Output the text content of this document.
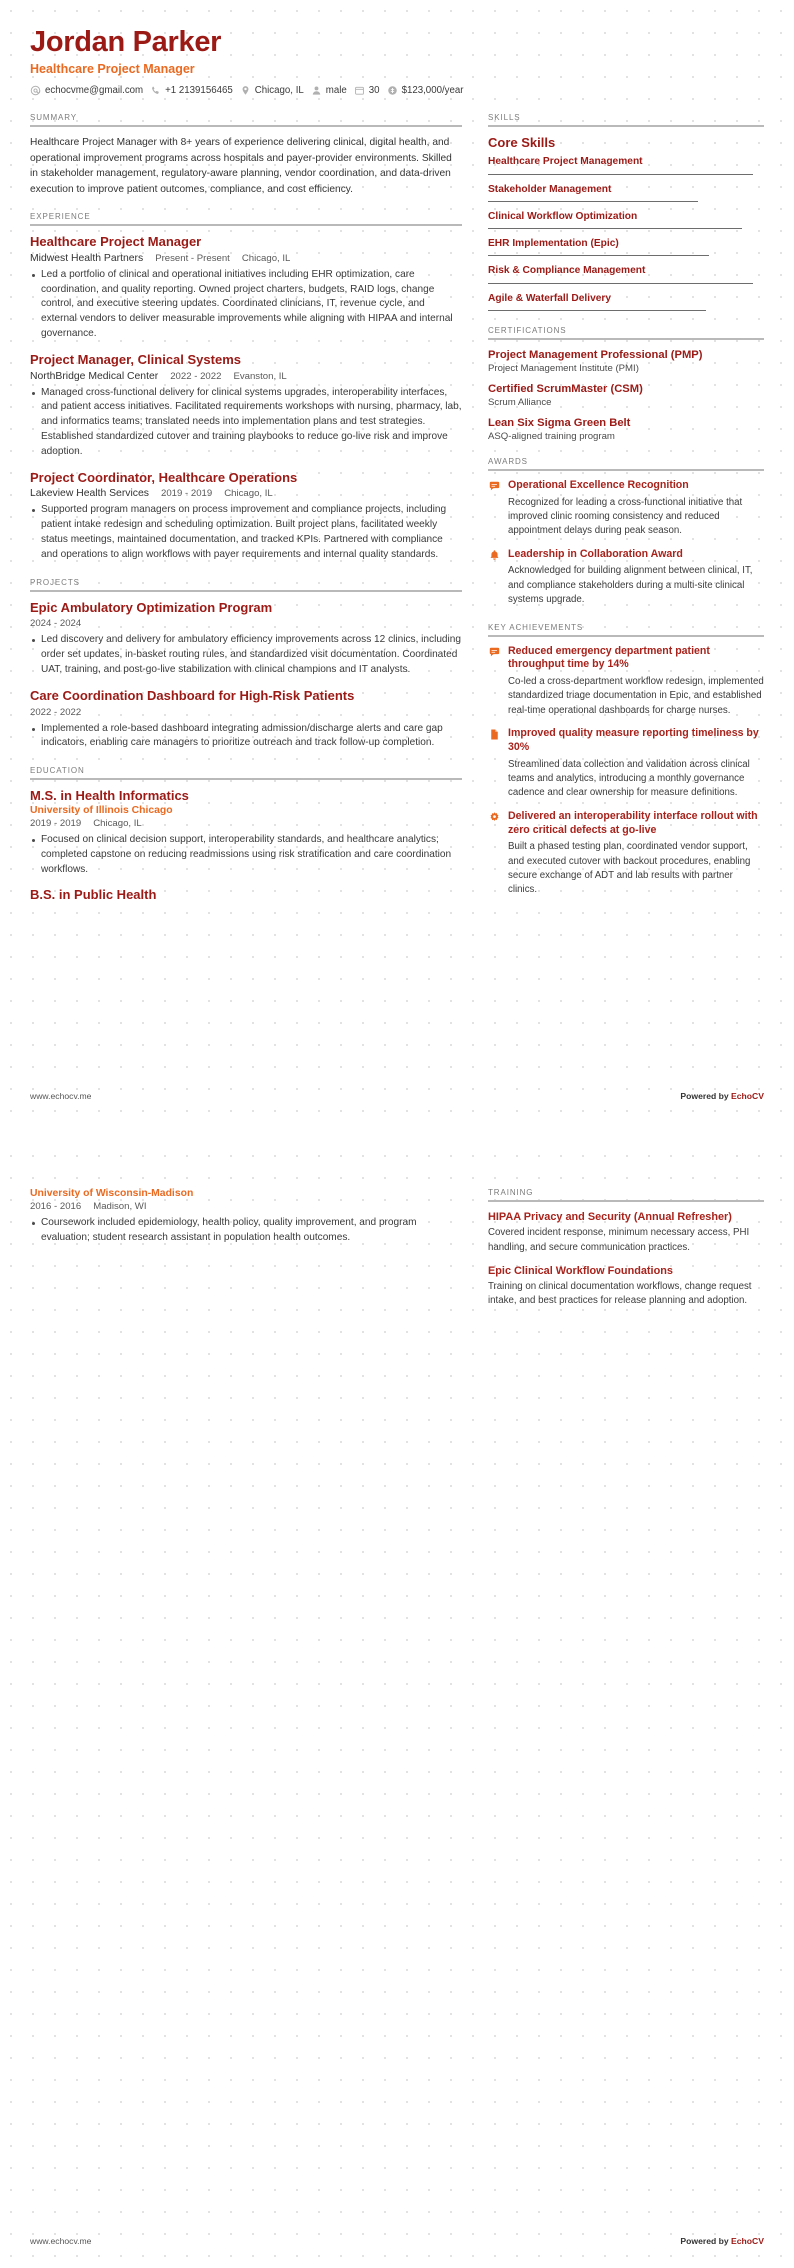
Jordan Parker
Healthcare Project Manager
echocvme@gmail.com +1 2139156465 Chicago, IL male 30 $123,000/year
SUMMARY
Healthcare Project Manager with 8+ years of experience delivering clinical, digital health, and operational improvement programs across hospitals and payer-provider environments. Skilled in stakeholder management, regulatory-aware planning, vendor coordination, and data-driven execution to improve patient outcomes, compliance, and cost efficiency.
EXPERIENCE
Healthcare Project Manager
Midwest Health Partners Present - Present Chicago, IL
Led a portfolio of clinical and operational initiatives including EHR optimization, care coordination, and quality reporting. Owned project charters, budgets, RAID logs, change control, and executive steering updates. Coordinated clinicians, IT, revenue cycle, and external vendors to deliver measurable improvements while aligning with HIPAA and internal governance.
Project Manager, Clinical Systems
NorthBridge Medical Center 2022 - 2022 Evanston, IL
Managed cross-functional delivery for clinical systems upgrades, interoperability interfaces, and patient access initiatives. Facilitated requirements workshops with nursing, pharmacy, lab, and informatics teams; translated needs into implementation plans and test strategies. Established standardized cutover and training playbooks to reduce go-live risk and improve adoption.
Project Coordinator, Healthcare Operations
Lakeview Health Services 2019 - 2019 Chicago, IL
Supported program managers on process improvement and compliance projects, including patient intake redesign and scheduling optimization. Built project plans, facilitated weekly status meetings, maintained documentation, and tracked KPIs. Partnered with compliance and operations to align workflows with payer requirements and internal quality standards.
PROJECTS
Epic Ambulatory Optimization Program
2024 - 2024
Led discovery and delivery for ambulatory efficiency improvements across 12 clinics, including order set updates, in-basket routing rules, and standardized visit documentation. Coordinated UAT, training, and post-go-live stabilization with clinical champions and IT analysts.
Care Coordination Dashboard for High-Risk Patients
2022 - 2022
Implemented a role-based dashboard integrating admission/discharge alerts and care gap indicators, enabling care managers to prioritize outreach and track follow-up completion.
EDUCATION
M.S. in Health Informatics
University of Illinois Chicago
2019 - 2019 Chicago, IL
Focused on clinical decision support, interoperability standards, and healthcare analytics; completed capstone on reducing readmissions using risk stratification and care coordination workflows.
B.S. in Public Health
SKILLS
Core Skills
Healthcare Project Management
Stakeholder Management
Clinical Workflow Optimization
EHR Implementation (Epic)
Risk & Compliance Management
Agile & Waterfall Delivery
CERTIFICATIONS
Project Management Professional (PMP)
Project Management Institute (PMI)
Certified ScrumMaster (CSM)
Scrum Alliance
Lean Six Sigma Green Belt
ASQ-aligned training program
AWARDS
Operational Excellence Recognition
Recognized for leading a cross-functional initiative that improved clinic rooming consistency and reduced appointment delays during peak season.
Leadership in Collaboration Award
Acknowledged for building alignment between clinical, IT, and compliance stakeholders during a multi-site clinical systems upgrade.
KEY ACHIEVEMENTS
Reduced emergency department patient throughput time by 14%
Co-led a cross-department workflow redesign, implemented standardized triage documentation in Epic, and established real-time operational dashboards for charge nurses.
Improved quality measure reporting timeliness by 30%
Streamlined data collection and validation across clinical teams and analytics, introducing a monthly governance cadence and clear ownership for measure definitions.
Delivered an interoperability interface rollout with zero critical defects at go-live
Built a phased testing plan, coordinated vendor support, and executed cutover with backout procedures, enabling secure exchange of ADT and lab results with partner clinics.
www.echocv.me	Powered by EchoCV
University of Wisconsin-Madison
2016 - 2016 Madison, WI
Coursework included epidemiology, health policy, quality improvement, and program evaluation; student research assistant in population health outcomes.
TRAINING
HIPAA Privacy and Security (Annual Refresher)
Covered incident response, minimum necessary access, PHI handling, and secure communication practices.
Epic Clinical Workflow Foundations
Training on clinical documentation workflows, change request intake, and best practices for release planning and adoption.
www.echocv.me	Powered by EchoCV
